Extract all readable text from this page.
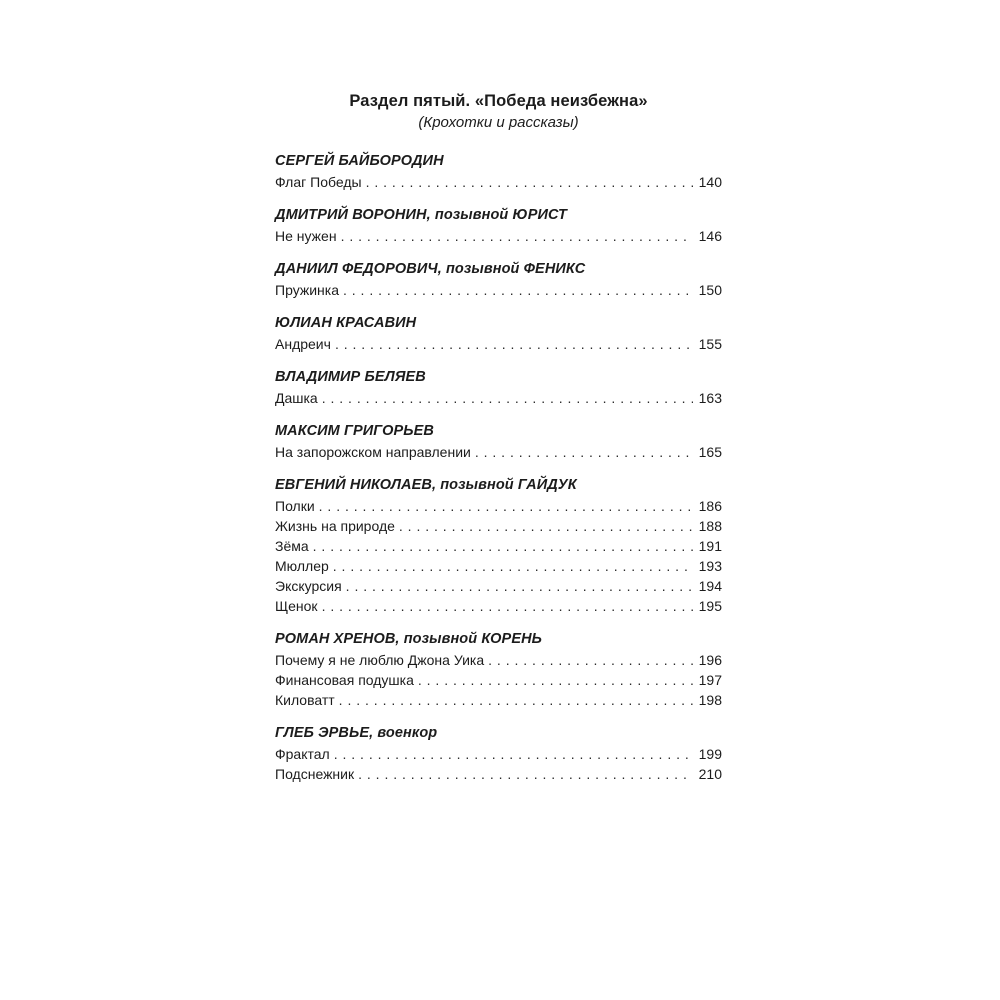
Раздел пятый. «Победа неизбежна»
(Крохотки и рассказы)
СЕРГЕЙ БАЙБОРОДИН
Флаг Победы . . .	140
ДМИТРИЙ ВОРОНИН, позывной ЮРИСТ
Не нужен . . .	146
ДАНИИЛ ФЕДОРОВИЧ, позывной ФЕНИКС
Пружинка . . .	150
ЮЛИАН КРАСАВИН
Андреич . . .	155
ВЛАДИМИР БЕЛЯЕВ
Дашка . . .	163
МАКСИМ ГРИГОРЬЕВ
На запорожском направлении . . .	165
ЕВГЕНИЙ НИКОЛАЕВ, позывной ГАЙДУК
Полки . . .	186
Жизнь на природе . . .	188
Зёма . . .	191
Мюллер . . .	193
Экскурсия . . .	194
Щенок . . .	195
РОМАН ХРЕНОВ, позывной КОРЕНЬ
Почему я не люблю Джона Уика . . .	196
Финансовая подушка . . .	197
Киловатт . . .	198
ГЛЕБ ЭРВЬЕ, военкор
Фрактал . . .	199
Подснежник . . .	210
